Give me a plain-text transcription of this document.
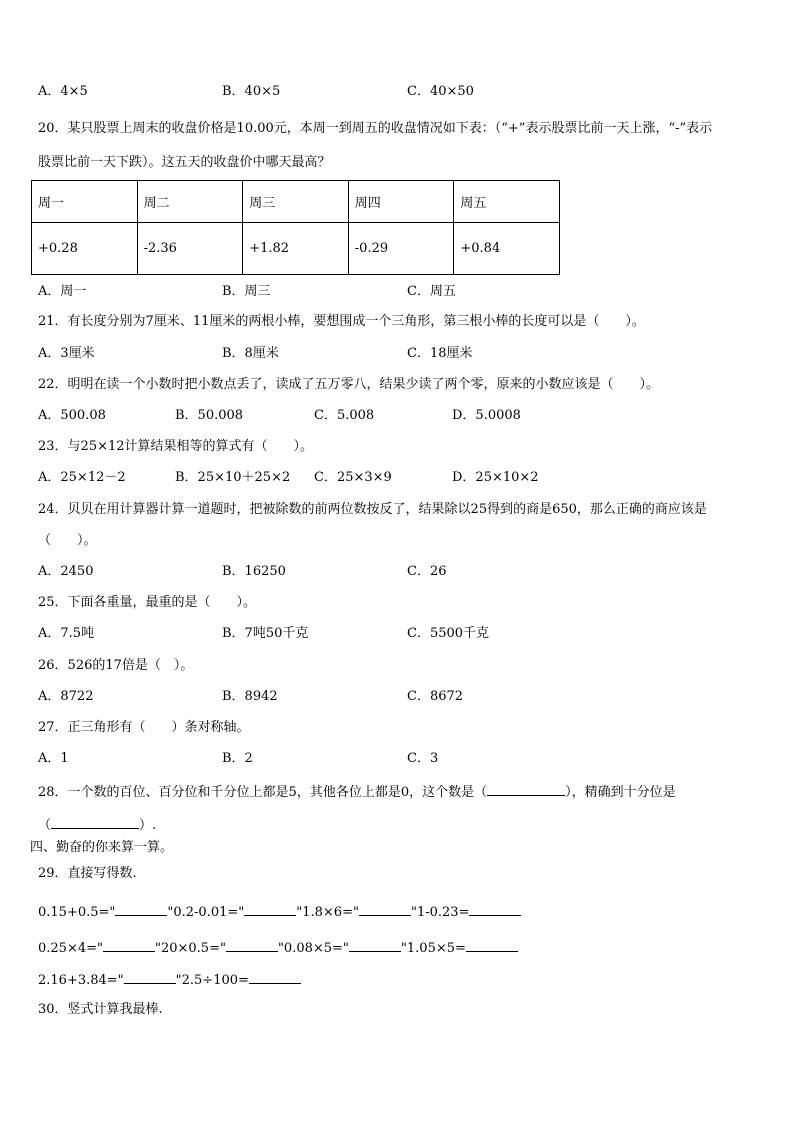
A．4×5	B．40×5	C．40×50
20．某只股票上周末的收盘价格是10.00元，本周一到周五的收盘情况如下表：（“+”表示股票比前一天上涨，“-”表示
股票比前一天下跌）。这五天的收盘价中哪天最高？
周一	周二	周三	周四	周五
+0.28	-2.36	+1.82	-0.29	+0.84
A．周一	B．周三	C．周五
21．有长度分别为7厘米、11厘米的两根小棒，要想围成一个三角形，第三根小棒的长度可以是（　　）。
A．3厘米	B．8厘米	C．18厘米
22．明明在读一个小数时把小数点丢了，读成了五万零八，结果少读了两个零，原来的小数应该是（　　）。
A．500.08	B．50.008	C．5.008	D．5.0008
23．与25×12计算结果相等的算式有（　　）。
A．25×12－2	B．25×10＋25×2 C．25×3×9	D．25×10×2
24．贝贝在用计算器计算一道题时，把被除数的前两位数按反了，结果除以25得到的商是650，那么正确的商应该是
（　　）。
A．2450	B．16250	C．26
25．下面各重量，最重的是（　　）。
A．7.5吨	B．7吨50千克	C．5500千克
26．526的17倍是（　）。
A．8722	B．8942	C．8672
27．正三角形有（　　）条对称轴。
A．1	B．2	C．3
28．一个数的百位、百分位和千分位上都是5，其他各位上都是0，这个数是（	），精确到十分位是
（	）.
四、勤奋的你来算一算。
29．直接写得数.
0.15+0.5="	"0.2-0.01="	"1.8×6="	"1-0.23=
0.25×4="	"20×0.5="	"0.08×5="	"1.05×5=
2.16+3.84="	"2.5÷100=
30．竖式计算我最棒.
